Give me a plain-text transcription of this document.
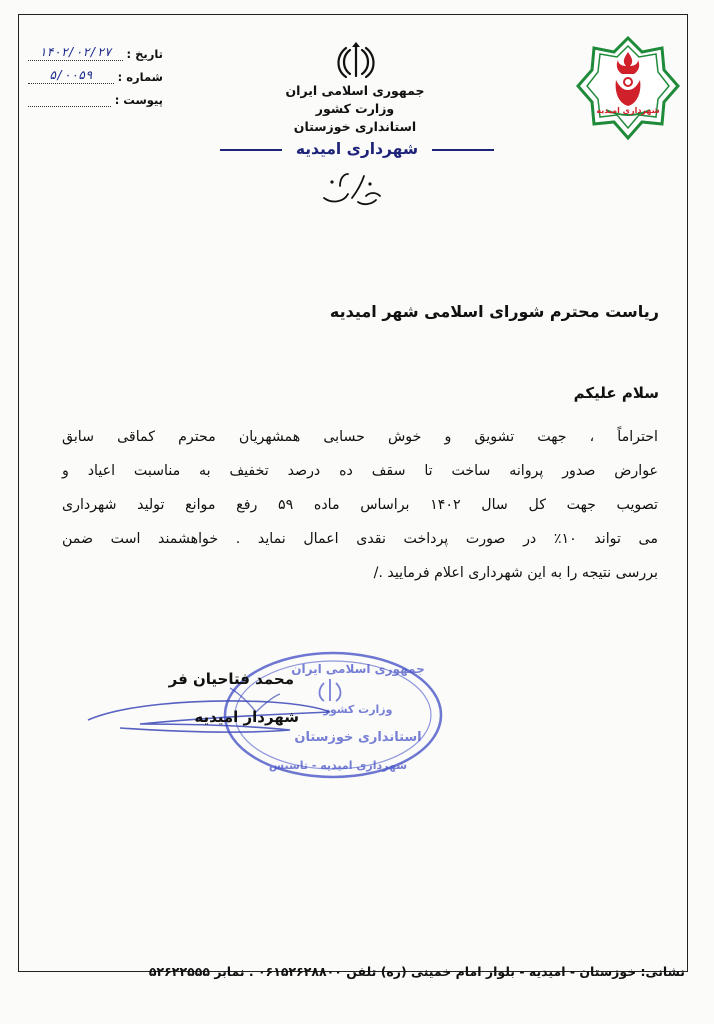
تاریخ :
۱۴۰۲/۰۲/۲۷
شماره :
۵/۰۰۵۹
پیوست :
جمهوری اسلامی ایران
وزارت کشور
استانداری خوزستان
شهرداری امیدیه
شهرداری امیدیه
ریاست محترم شورای اسلامی شهر امیدیه
سلام علیکم
احتراماً ، جهت تشویق و خوش حسابی همشهریان محترم کماقی سابق
عوارض صدور پروانه ساخت تا سقف ده درصد تخفیف به مناسبت اعیاد و
تصویب جهت کل سال ۱۴۰۲ براساس ماده ۵۹ رفع موانع تولید شهرداری
می تواند ۱۰٪ در صورت پرداخت نقدی اعمال نماید . خواهشمند است ضمن
بررسی نتیجه را به این شهرداری اعلام فرمایید ./
جمهوری اسلامی ایران
وزارت کشور
استانداری خوزستان
شهرداری امیدیه - تاسیس
محمد فتاحیان فر
شهردار امیدیه
نشانی: خوزستان - امیدیه - بلوار امام خمینی (ره) تلفن ۰۶۱۵۲۶۲۸۸۰۰ . نمابر ۵۲۶۲۲۵۵۵
